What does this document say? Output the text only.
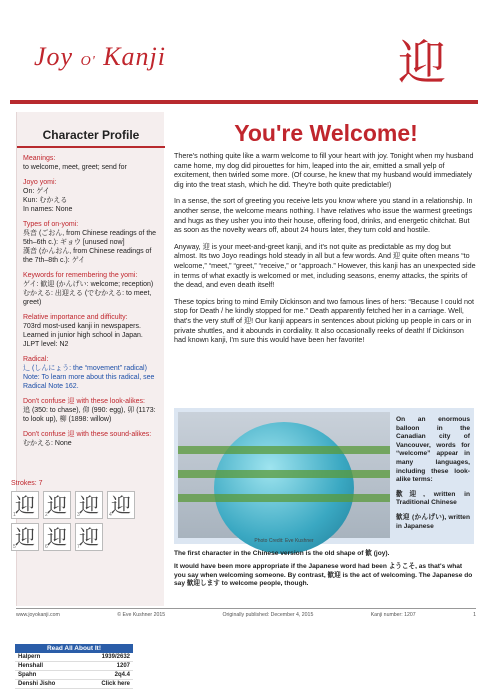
Joy O' Kanji	迎
Character Profile
Meanings:
to welcome, meet, greet; send for
Joyo yomi:
On: ゲイ
Kun: むかえる
In names: None
Types of on-yomi:
呉音 (ごおん, from Chinese readings of the 5th–6th c.): ギョウ [unused now]
漢音 (かんおん, from Chinese readings of the 7th–8th c.): ゲイ
Keywords for remembering the yomi:
ゲイ: 歓迎 (かんげい: welcome; reception)
むかえる: 出迎える (でむかえる: to meet, greet)
Relative importance and difficulty:
703rd most-used kanji in newspapers. Learned in junior high school in Japan. JLPT level: N2
Radical:
辶 (しんにょう: the “movement” radical) Note: To learn more about this radical, see Radical Note 162.
Don't confuse 迎 with these look-alikes:
追 (350: to chase), 仰 (990: egg), 卯 (1173: to look up), 柳 (1898: willow)
Don't confuse 迎 with these sound-alikes:
むかえる: None
Strokes: 7
迎
1 迎
2 迎
3 迎
4
迎
5 迎
6 迎
7
Read All About It!
Halpern	1939/2632
Henshall	1207
Spahn	2q4.4
Denshi Jisho	Click here
You're Welcome!

There's nothing quite like a warm welcome to fill your heart with joy. Tonight when my husband came home, my dog did pirouettes for him, leaped into the air, emitted a small yelp of excitement, then twirled some more. (Of course, he knew that my husband would immediately dig into the treat stash, which he did. They're both quite predictable!)

In a sense, the sort of greeting you receive lets you know where you stand in a relationship. In another sense, the welcome means nothing. I have relatives who issue the warmest greetings and hugs as they usher you into their house, offering food, drinks, and energetic chitchat. But as soon as the novelty wears off, about 24 hours later, they turn cold and hostile.

Anyway, 迎 is your meet-and-greet kanji, and it's not quite as predictable as my dog but almost. Its two Joyo readings hold steady in all but a few words. And 迎 quite often means “to welcome,” “meet,” “greet,” “receive,” or “approach.” However, this kanji has an unexpected side in terms of what exactly is welcomed or met, including seasons, enemy attacks, the spirits of the dead, and even death itself!

These topics bring to mind Emily Dickinson and two famous lines of hers: “Because I could not stop for Death / he kindly stopped for me.” Death apparently fetched her in a carriage. Well, that's the very stuff of 迎! Our kanji appears in sentences about picking up people in cars or in private shuttles, and it abounds in cordiality. It also occasionally reeks of death! If Dickinson had known kanji, I'm sure this would have been her favorite!

Photo Credit: Eve Kushner
On an enormous balloon in the Canadian city of Vancouver, words for “welcome” appear in many languages, including these look-alike terms:
歡迎, written in Traditional Chinese
歓迎 (かんげい), written in Japanese

The first character in the Chinese version is the old shape of 歓 (joy).

It would have been more appropriate if the Japanese word had been ようこそ, as that's what you say when welcoming someone. By contrast, 歓迎 is the act of welcoming. The Japanese do say 歓迎します to welcome people, though.

www.joyokanji.com	© Eve Kushner 2015	Originally published: December 4, 2015	Kanji number: 1207	1
